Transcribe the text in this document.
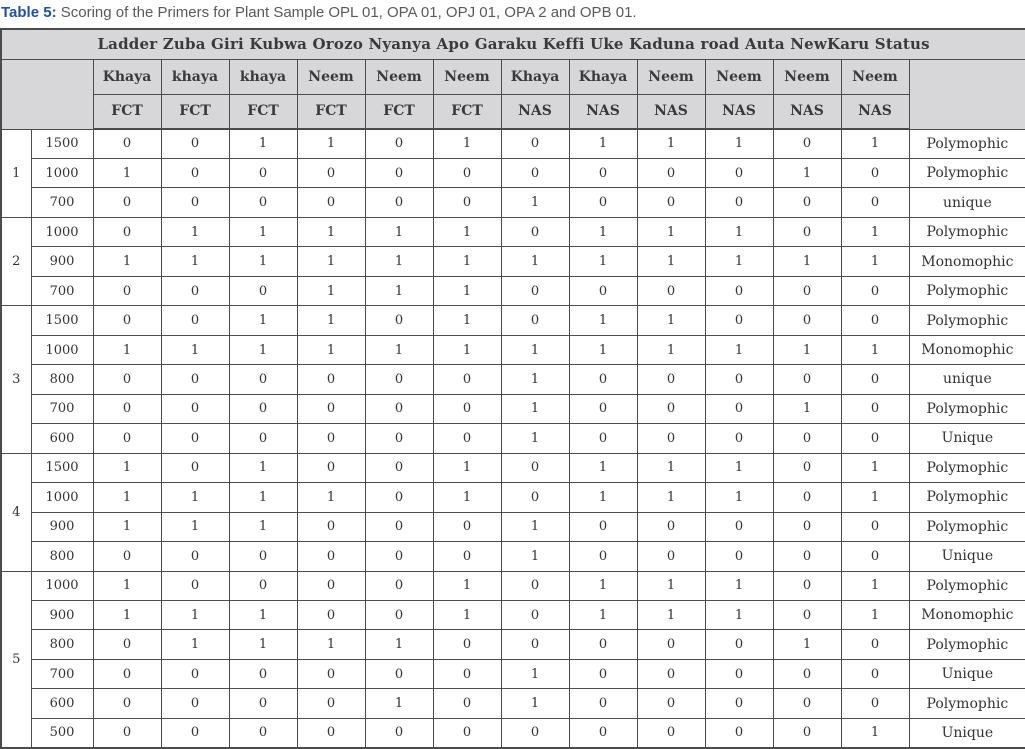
Table 5: Scoring of the Primers for Plant Sample OPL 01, OPA 01, OPJ 01, OPA 2 and OPB 01.
Ladder Zuba Giri Kubwa Orozo Nyanya Apo Garaku Keffi Uke Kaduna road Auta NewKaru Status														
		Khaya	khaya	khaya	Neem	Neem	Neem	Khaya	Khaya	Neem	Neem	Neem	Neem	
		FCT	FCT	FCT	FCT	FCT	FCT	NAS	NAS	NAS	NAS	NAS	NAS	
1	1500	0	0	1	1	0	1	0	1	1	1	0	1	Polymophic
	1000	1	0	0	0	0	0	0	0	0	0	1	0	Polymophic
	700	0	0	0	0	0	0	1	0	0	0	0	0	unique
2	1000	0	1	1	1	1	1	0	1	1	1	0	1	Polymophic
	900	1	1	1	1	1	1	1	1	1	1	1	1	Monomophic
	700	0	0	0	1	1	1	0	0	0	0	0	0	Polymophic
3	1500	0	0	1	1	0	1	0	1	1	0	0	0	Polymophic
	1000	1	1	1	1	1	1	1	1	1	1	1	1	Monomophic
	800	0	0	0	0	0	0	1	0	0	0	0	0	unique
	700	0	0	0	0	0	0	1	0	0	0	1	0	Polymophic
	600	0	0	0	0	0	0	1	0	0	0	0	0	Unique
4	1500	1	0	1	0	0	1	0	1	1	1	0	1	Polymophic
	1000	1	1	1	1	0	1	0	1	1	1	0	1	Polymophic
	900	1	1	1	0	0	0	1	0	0	0	0	0	Polymophic
	800	0	0	0	0	0	0	1	0	0	0	0	0	Unique
5	1000	1	0	0	0	0	1	0	1	1	1	0	1	Polymophic
	900	1	1	1	0	0	1	0	1	1	1	0	1	Monomophic
	800	0	1	1	1	1	0	0	0	0	0	1	0	Polymophic
	700	0	0	0	0	0	0	1	0	0	0	0	0	Unique
	600	0	0	0	0	1	0	1	0	0	0	0	0	Polymophic
	500	0	0	0	0	0	0	0	0	0	0	0	1	Unique
